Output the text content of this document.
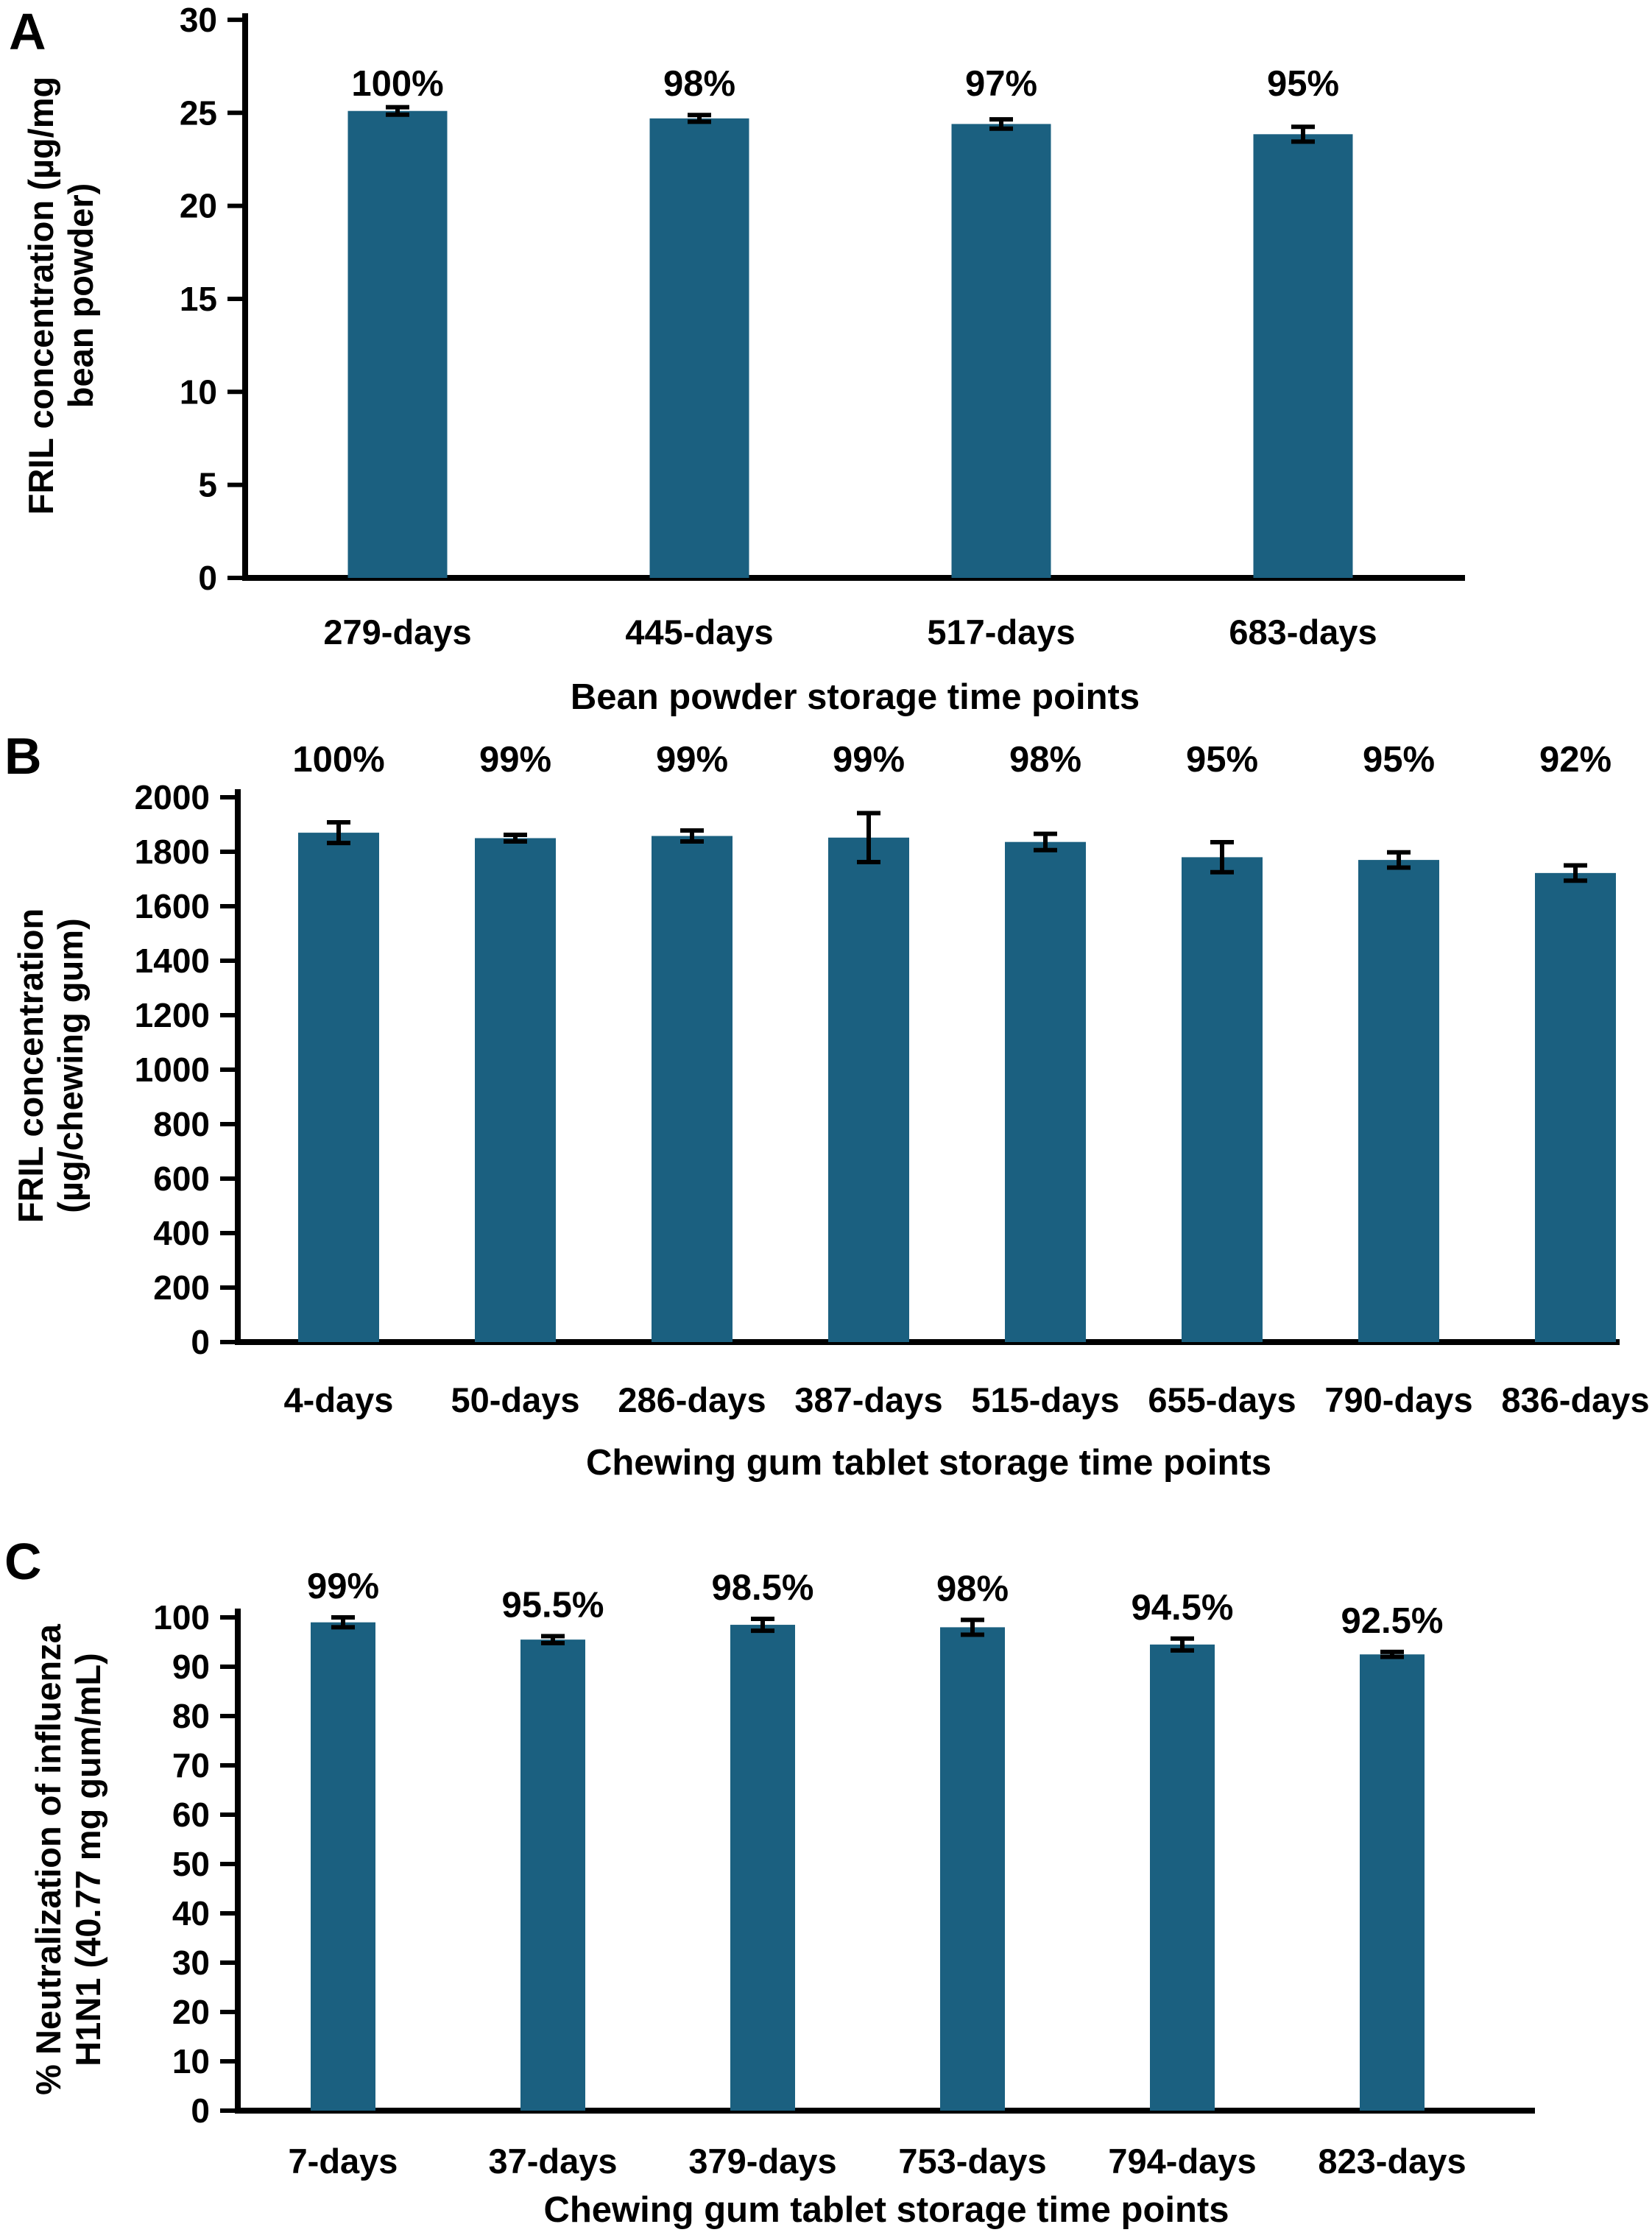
A
B
C
0
5
10
15
20
25
30
FRIL concentration (µg/mg bean powder)
100%
279-days
98%
445-days
97%
517-days
95%
683-days
Bean powder storage time points
0
200
400
600
800
1000
1200
1400
1600
1800
2000
FRIL concentration (µg/chewing gum)
100%
4-days
99%
50-days
99%
286-days
99%
387-days
98%
515-days
95%
655-days
95%
790-days
92%
836-days
Chewing gum tablet storage time points
0
10
20
30
40
50
60
70
80
90
100
% Neutralization of influenza H1N1 (40.77 mg gum/mL)
99%
7-days
95.5%
37-days
98.5%
379-days
98%
753-days
94.5%
794-days
92.5%
823-days
Chewing gum tablet storage time points
